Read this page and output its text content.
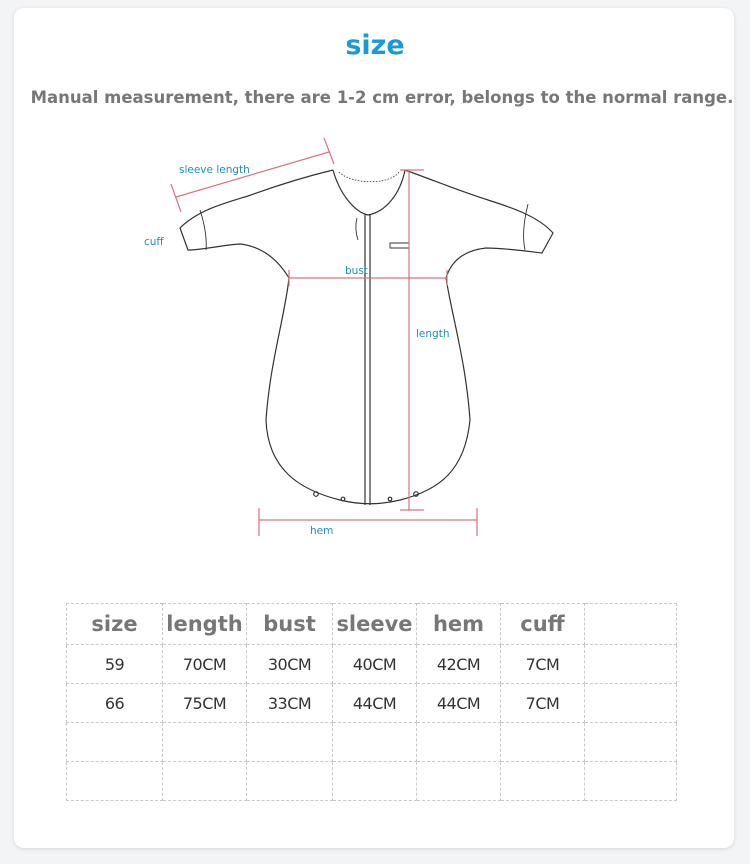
size
Manual measurement, there are 1-2 cm error, belongs to the normal range.
sleeve length
cuff
bust
length
hem
size	length	bust	sleeve	hem	cuff	
59	70CM	30CM	40CM	42CM	7CM	
66	75CM	33CM	44CM	44CM	7CM	
